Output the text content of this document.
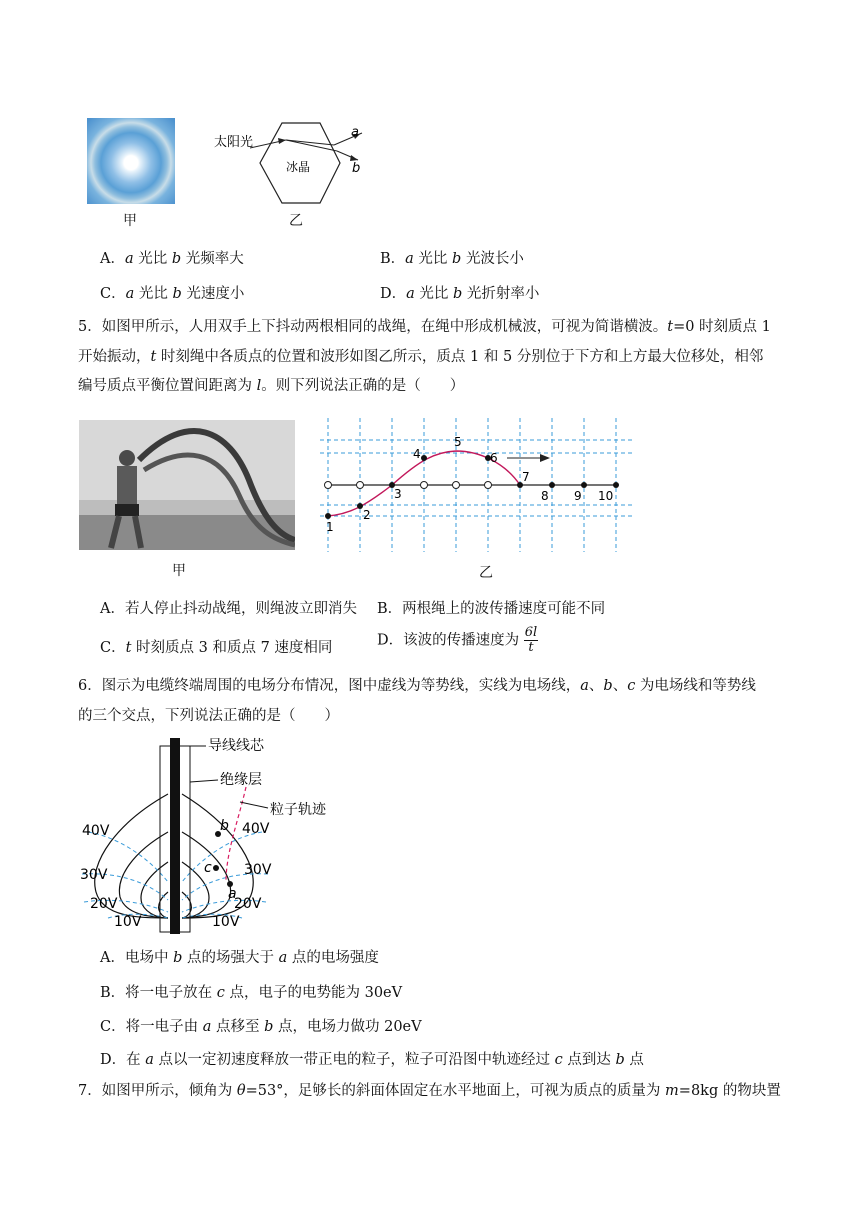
甲
太阳光
冰晶
a
b
乙
A．a 光比 b 光频率大	B．a 光比 b 光波长小
C．a 光比 b 光速度小	D．a 光比 b 光折射率小
5．如图甲所示，人用双手上下抖动两根相同的战绳，在绳中形成机械波，可视为简谐横波。t=0 时刻质点 1
开始振动，t 时刻绳中各质点的位置和波形如图乙所示，质点 1 和 5 分别位于下方和上方最大位移处，相邻
编号质点平衡位置间距离为 l。则下列说法正确的是（　　）
甲
1
2
3
4
5
6
7
8 9 10
乙
A．若人停止抖动战绳，则绳波立即消失 B．两根绳上的波传播速度可能不同
C．t 时刻质点 3 和质点 7 速度相同	D．该波的传播速度为 $\frac{6l}{t}$
6．图示为电缆终端周围的电场分布情况，图中虚线为等势线，实线为电场线，a、b、c 为电场线和等势线
的三个交点，下列说法正确的是（　　）
导线线芯
绝缘层
粒子轨迹
40V
30V
20V
10V
40V
30V
20V
10V
b
c
a
A．电场中 b 点的场强大于 a 点的电场强度
B．将一电子放在 c 点，电子的电势能为 30eV
C．将一电子由 a 点移至 b 点，电场力做功 20eV
D．在 a 点以一定初速度释放一带正电的粒子，粒子可沿图中轨迹经过 c 点到达 b 点
7．如图甲所示，倾角为 θ=53°，足够长的斜面体固定在水平地面上，可视为质点的质量为 m=8kg 的物块置
